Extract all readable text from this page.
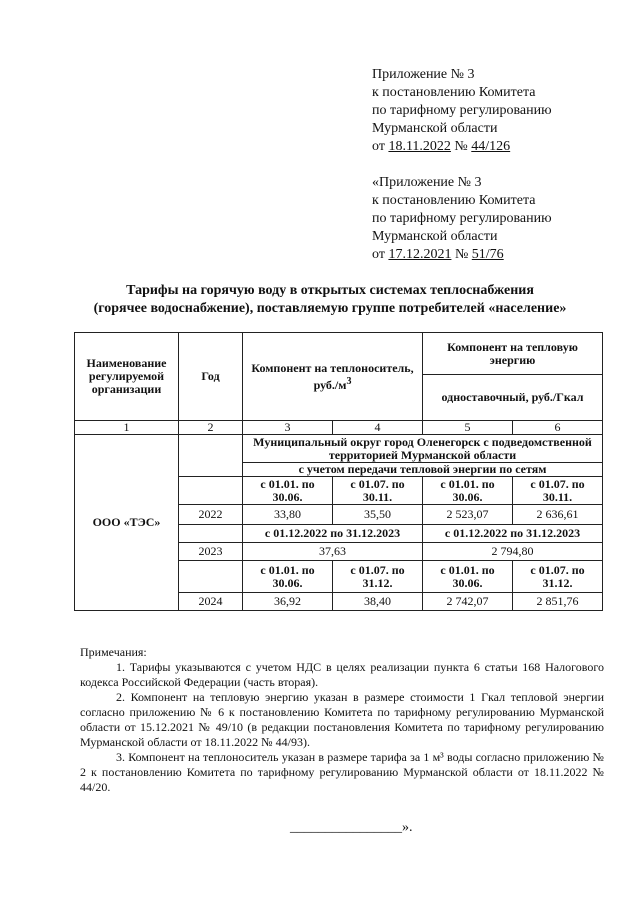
Приложение № 3
к постановлению Комитета
по тарифному регулированию
Мурманской области
от 18.11.2022 № 44/126
«Приложение № 3
к постановлению Комитета
по тарифному регулированию
Мурманской области
от 17.12.2021 № 51/76
Тарифы на горячую воду в открытых системах теплоснабжения
(горячее водоснабжение), поставляемую группе потребителей «население»
Наименование регулируемой организации	Год	Компонент на теплоноситель, $руб./м^3$		Компонент на тепловую энергию	
				одноставочный, руб./Гкал	
1	2	3	4	5	6
ООО «ТЭС»		Муниципальный округ город Оленегорск с подведомственной территорией Мурманской области			
		с учетом передачи тепловой энергии по сетям			
		с 01.01. по 30.06.	с 01.07. по 30.11.	с 01.01. по 30.06.	с 01.07. по 30.11.
	2022	33,80	35,50	2 523,07	2 636,61
		с 01.12.2022 по 31.12.2023		с 01.12.2022 по 31.12.2023	
	2023	37,63		2 794,80	
		с 01.01. по 30.06.	с 01.07. по 31.12.	с 01.01. по 30.06.	с 01.07. по 31.12.
	2024	36,92	38,40	2 742,07	2 851,76

Примечания:

1. Тарифы указываются с учетом НДС в целях реализации пункта 6 статьи 168 Налогового кодекса Российской Федерации (часть вторая).

2. Компонент на тепловую энергию указан в размере стоимости 1 Гкал тепловой энергии согласно приложению № 6 к постановлению Комитета по тарифному регулированию Мурманской области от 15.12.2021 № 49/10 (в редакции постановления Комитета по тарифному регулированию Мурманской области от 18.11.2022 № 44/93).

3. Компонент на теплоноситель указан в размере тарифа за 1 м³ воды согласно приложению № 2 к постановлению Комитета по тарифному регулированию Мурманской области от 18.11.2022 № 44/20.

________________».
